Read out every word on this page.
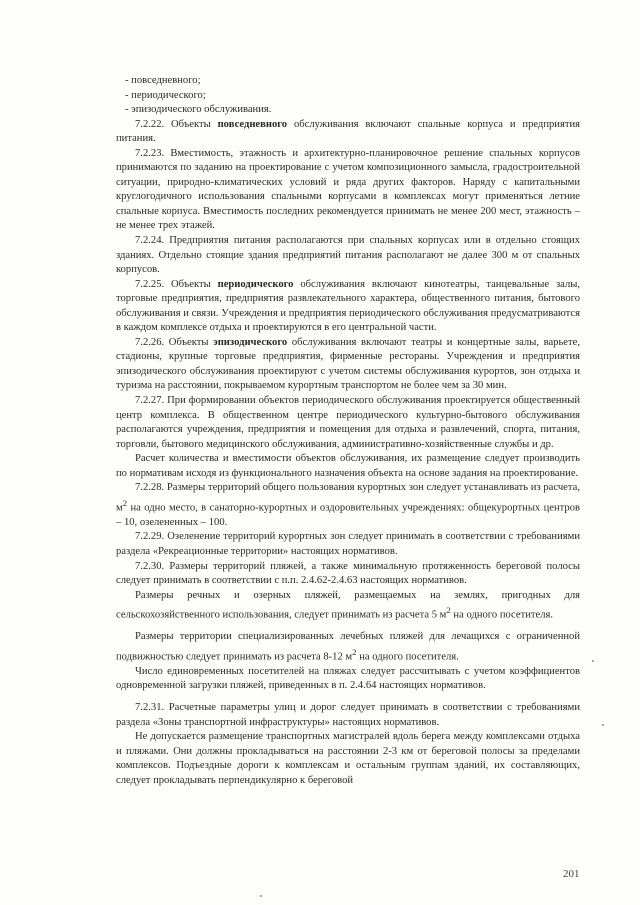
- повседневного;

- периодического;

- эпизодического обслуживания.

7.2.22. Объекты повседневного обслуживания включают спальные корпуса и предприятия питания.

7.2.23. Вместимость, этажность и архитектурно-планировочное решение спальных корпусов принимаются по заданию на проектирование с учетом композиционного замысла, градостроительной ситуации, природно-климатических условий и ряда других факторов. Наряду с капитальными круглогодичного использования спальными корпусами в комплексах могут применяться летние спальные корпуса. Вместимость последних рекомендуется принимать не менее 200 мест, этажность – не менее трех этажей.

7.2.24. Предприятия питания располагаются при спальных корпусах или в отдельно стоящих зданиях. Отдельно стоящие здания предприятий питания располагают не далее 300 м от спальных корпусов.

7.2.25. Объекты периодического обслуживания включают кинотеатры, танцевальные залы, торговые предприятия, предприятия развлекательного характера, общественного питания, бытового обслуживания и связи. Учреждения и предприятия периодического обслуживания предусматриваются в каждом комплексе отдыха и проектируются в его центральной части.

7.2.26. Объекты эпизодического обслуживания включают театры и концертные залы, варьете, стадионы, крупные торговые предприятия, фирменные рестораны. Учреждения и предприятия эпизодического обслуживания проектируют с учетом системы обслуживания курортов, зон отдыха и туризма на расстоянии, покрываемом курортным транспортом не более чем за 30 мин.

7.2.27. При формировании объектов периодического обслуживания проектируется общественный центр комплекса. В общественном центре периодического культурно-бытового обслуживания располагаются учреждения, предприятия и помещения для отдыха и развлечений, спорта, питания, торговли, бытового медицинского обслуживания, административно-хозяйственные службы и др.

Расчет количества и вместимости объектов обслуживания, их размещение следует производить по нормативам исходя из функционального назначения объекта на основе задания на проектирование.

7.2.28. Размеры территорий общего пользования курортных зон следует устанавливать из расчета, $м^2$ на одно место, в санаторно-курортных и оздоровительных учреждениях: общекурортных центров – 10, озелененных – 100.

7.2.29. Озеленение территорий курортных зон следует принимать в соответствии с требованиями раздела «Рекреационные территории» настоящих нормативов.

7.2.30. Размеры территорий пляжей, а также минимальную протяженность береговой полосы следует принимать в соответствии с п.п. 2.4.62-2.4.63 настоящих нормативов.

Размеры речных и озерных пляжей, размещаемых на землях, пригодных для сельскохозяйственного использования, следует принимать из расчета 5 $м^2$ на одного посетителя.

Размеры территории специализированных лечебных пляжей для лечащихся с ограниченной подвижностью следует принимать из расчета 8-12 $м^2$ на одного посетителя.

Число единовременных посетителей на пляжах следует рассчитывать с учетом коэффициентов одновременной загрузки пляжей, приведенных в п. 2.4.64 настоящих нормативов.

7.2.31. Расчетные параметры улиц и дорог следует принимать в соответствии с требованиями раздела «Зоны транспортной инфраструктуры» настоящих нормативов.

Не допускается размещение транспортных магистралей вдоль берега между комплексами отдыха и пляжами. Они должны прокладываться на расстоянии 2-3 км от береговой полосы за пределами комплексов. Подъездные дороги к комплексам и остальным группам зданий, их составляющих, следует прокладывать перпендикулярно к береговой

201
